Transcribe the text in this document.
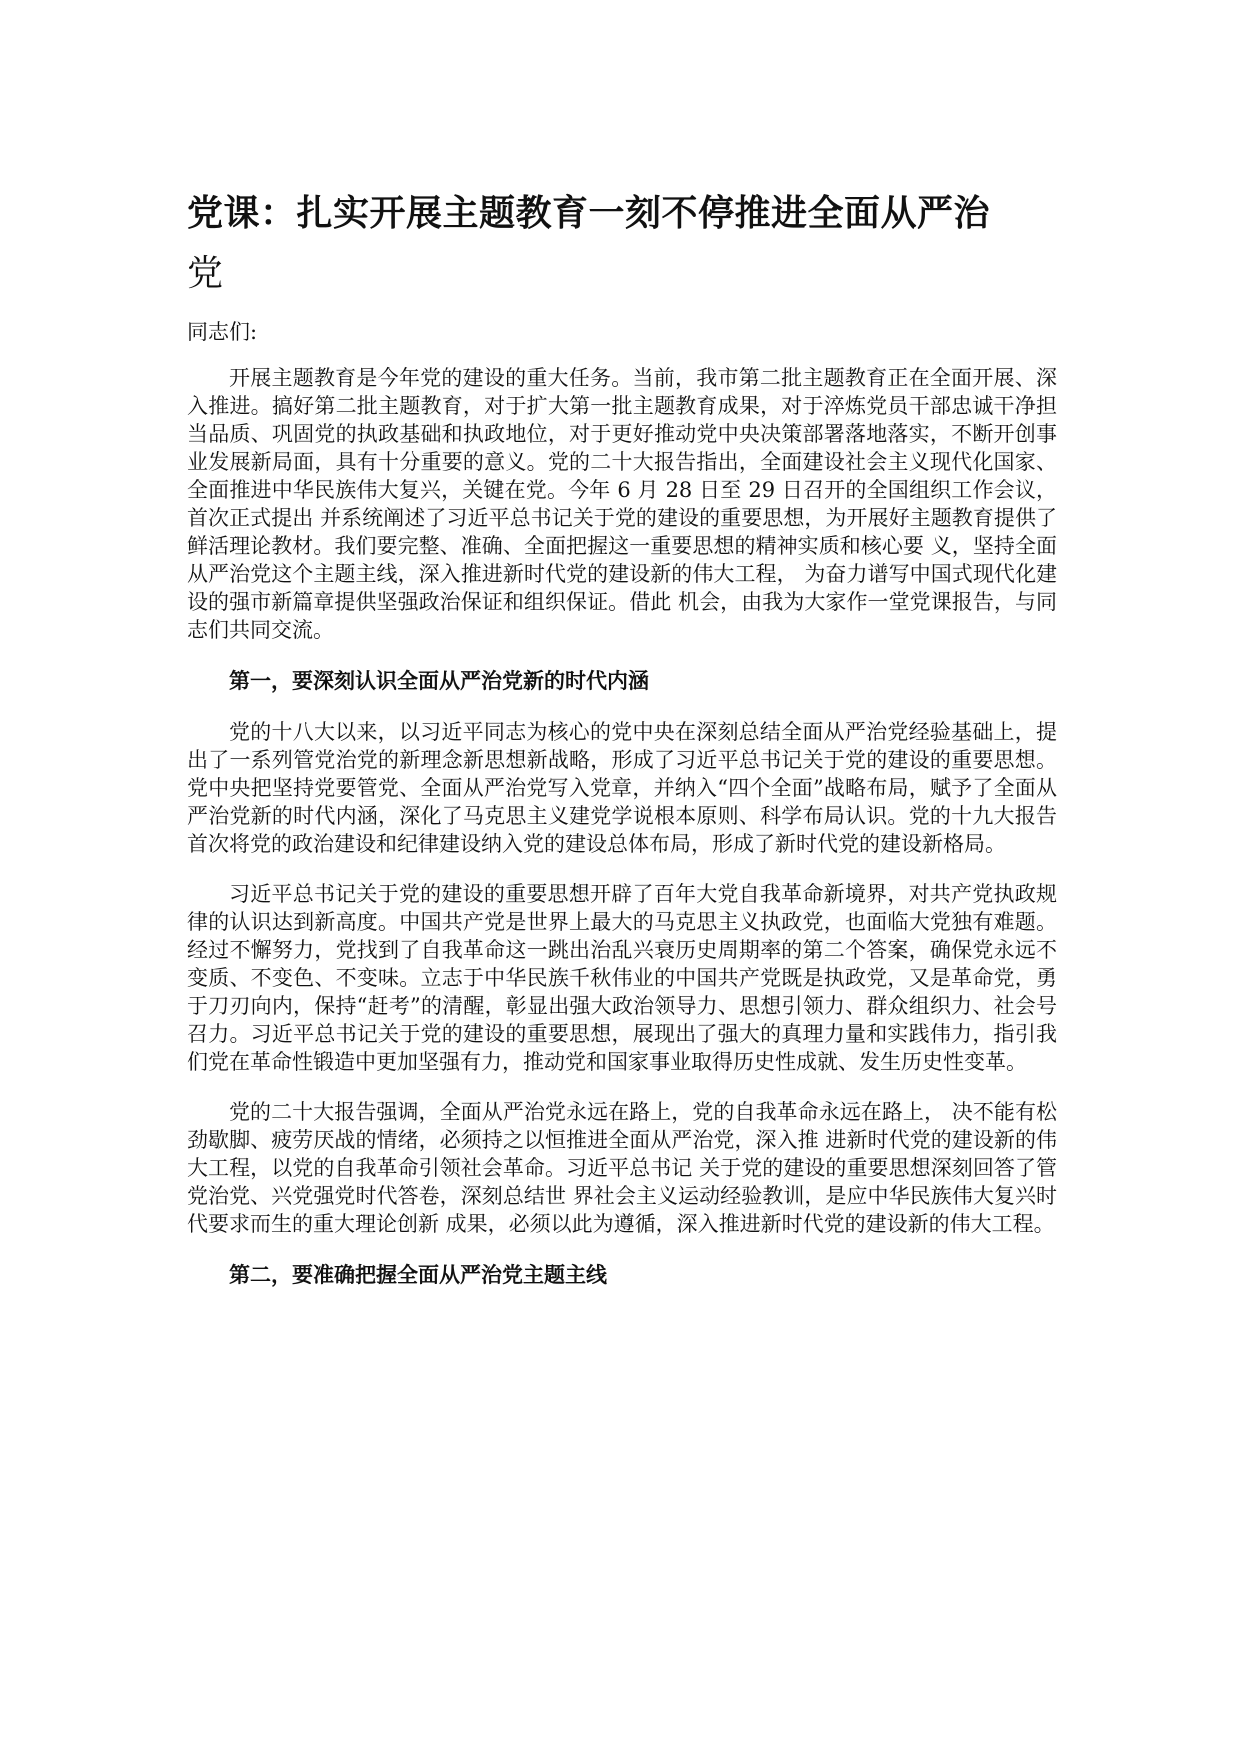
党课：扎实开展主题教育一刻不停推进全面从严治
党

同志们:

开展主题教育是今年党的建设的重大任务。当前，我市第二批主题教育正在全面开展、深入推进。搞好第二批主题教育，对于扩大第一批主题教育成果，对于淬炼党员干部忠诚干净担当品质、巩固党的执政基础和执政地位，对于更好推动党中央决策部署落地落实，不断开创事业发展新局面，具有十分重要的意义。党的二十大报告指出，全面建设社会主义现代化国家、全面推进中华民族伟大复兴，关键在党。今年 6 月 28 日至 29 日召开的全国组织工作会议，首次正式提出 并系统阐述了习近平总书记关于党的建设的重要思想，为开展好主题教育提供了 鲜活理论教材。我们要完整、准确、全面把握这一重要思想的精神实质和核心要 义，坚持全面从严治党这个主题主线，深入推进新时代党的建设新的伟大工程， 为奋力谱写中国式现代化建设的强市新篇章提供坚强政治保证和组织保证。借此 机会，由我为大家作一堂党课报告，与同志们共同交流。

第一，要深刻认识全面从严治党新的时代内涵

党的十八大以来，以习近平同志为核心的党中央在深刻总结全面从严治党经验基础上，提出了一系列管党治党的新理念新思想新战略，形成了习近平总书记关于党的建设的重要思想。党中央把坚持党要管党、全面从严治党写入党章，并纳入“四个全面”战略布局，赋予了全面从严治党新的时代内涵，深化了马克思主义建党学说根本原则、科学布局认识。党的十九大报告首次将党的政治建设和纪律建设纳入党的建设总体布局，形成了新时代党的建设新格局。

习近平总书记关于党的建设的重要思想开辟了百年大党自我革命新境界，对共产党执政规律的认识达到新高度。中国共产党是世界上最大的马克思主义执政党，也面临大党独有难题。经过不懈努力，党找到了自我革命这一跳出治乱兴衰历史周期率的第二个答案，确保党永远不变质、不变色、不变味。立志于中华民族千秋伟业的中国共产党既是执政党，又是革命党，勇于刀刃向内，保持“赶考”的清醒，彰显出强大政治领导力、思想引领力、群众组织力、社会号召力。习近平总书记关于党的建设的重要思想，展现出了强大的真理力量和实践伟力，指引我们党在革命性锻造中更加坚强有力，推动党和国家事业取得历史性成就、发生历史性变革。

党的二十大报告强调，全面从严治党永远在路上，党的自我革命永远在路上， 决不能有松劲歇脚、疲劳厌战的情绪，必须持之以恒推进全面从严治党，深入推 进新时代党的建设新的伟大工程，以党的自我革命引领社会革命。习近平总书记 关于党的建设的重要思想深刻回答了管党治党、兴党强党时代答卷，深刻总结世 界社会主义运动经验教训，是应中华民族伟大复兴时代要求而生的重大理论创新 成果，必须以此为遵循，深入推进新时代党的建设新的伟大工程。

第二，要准确把握全面从严治党主题主线
